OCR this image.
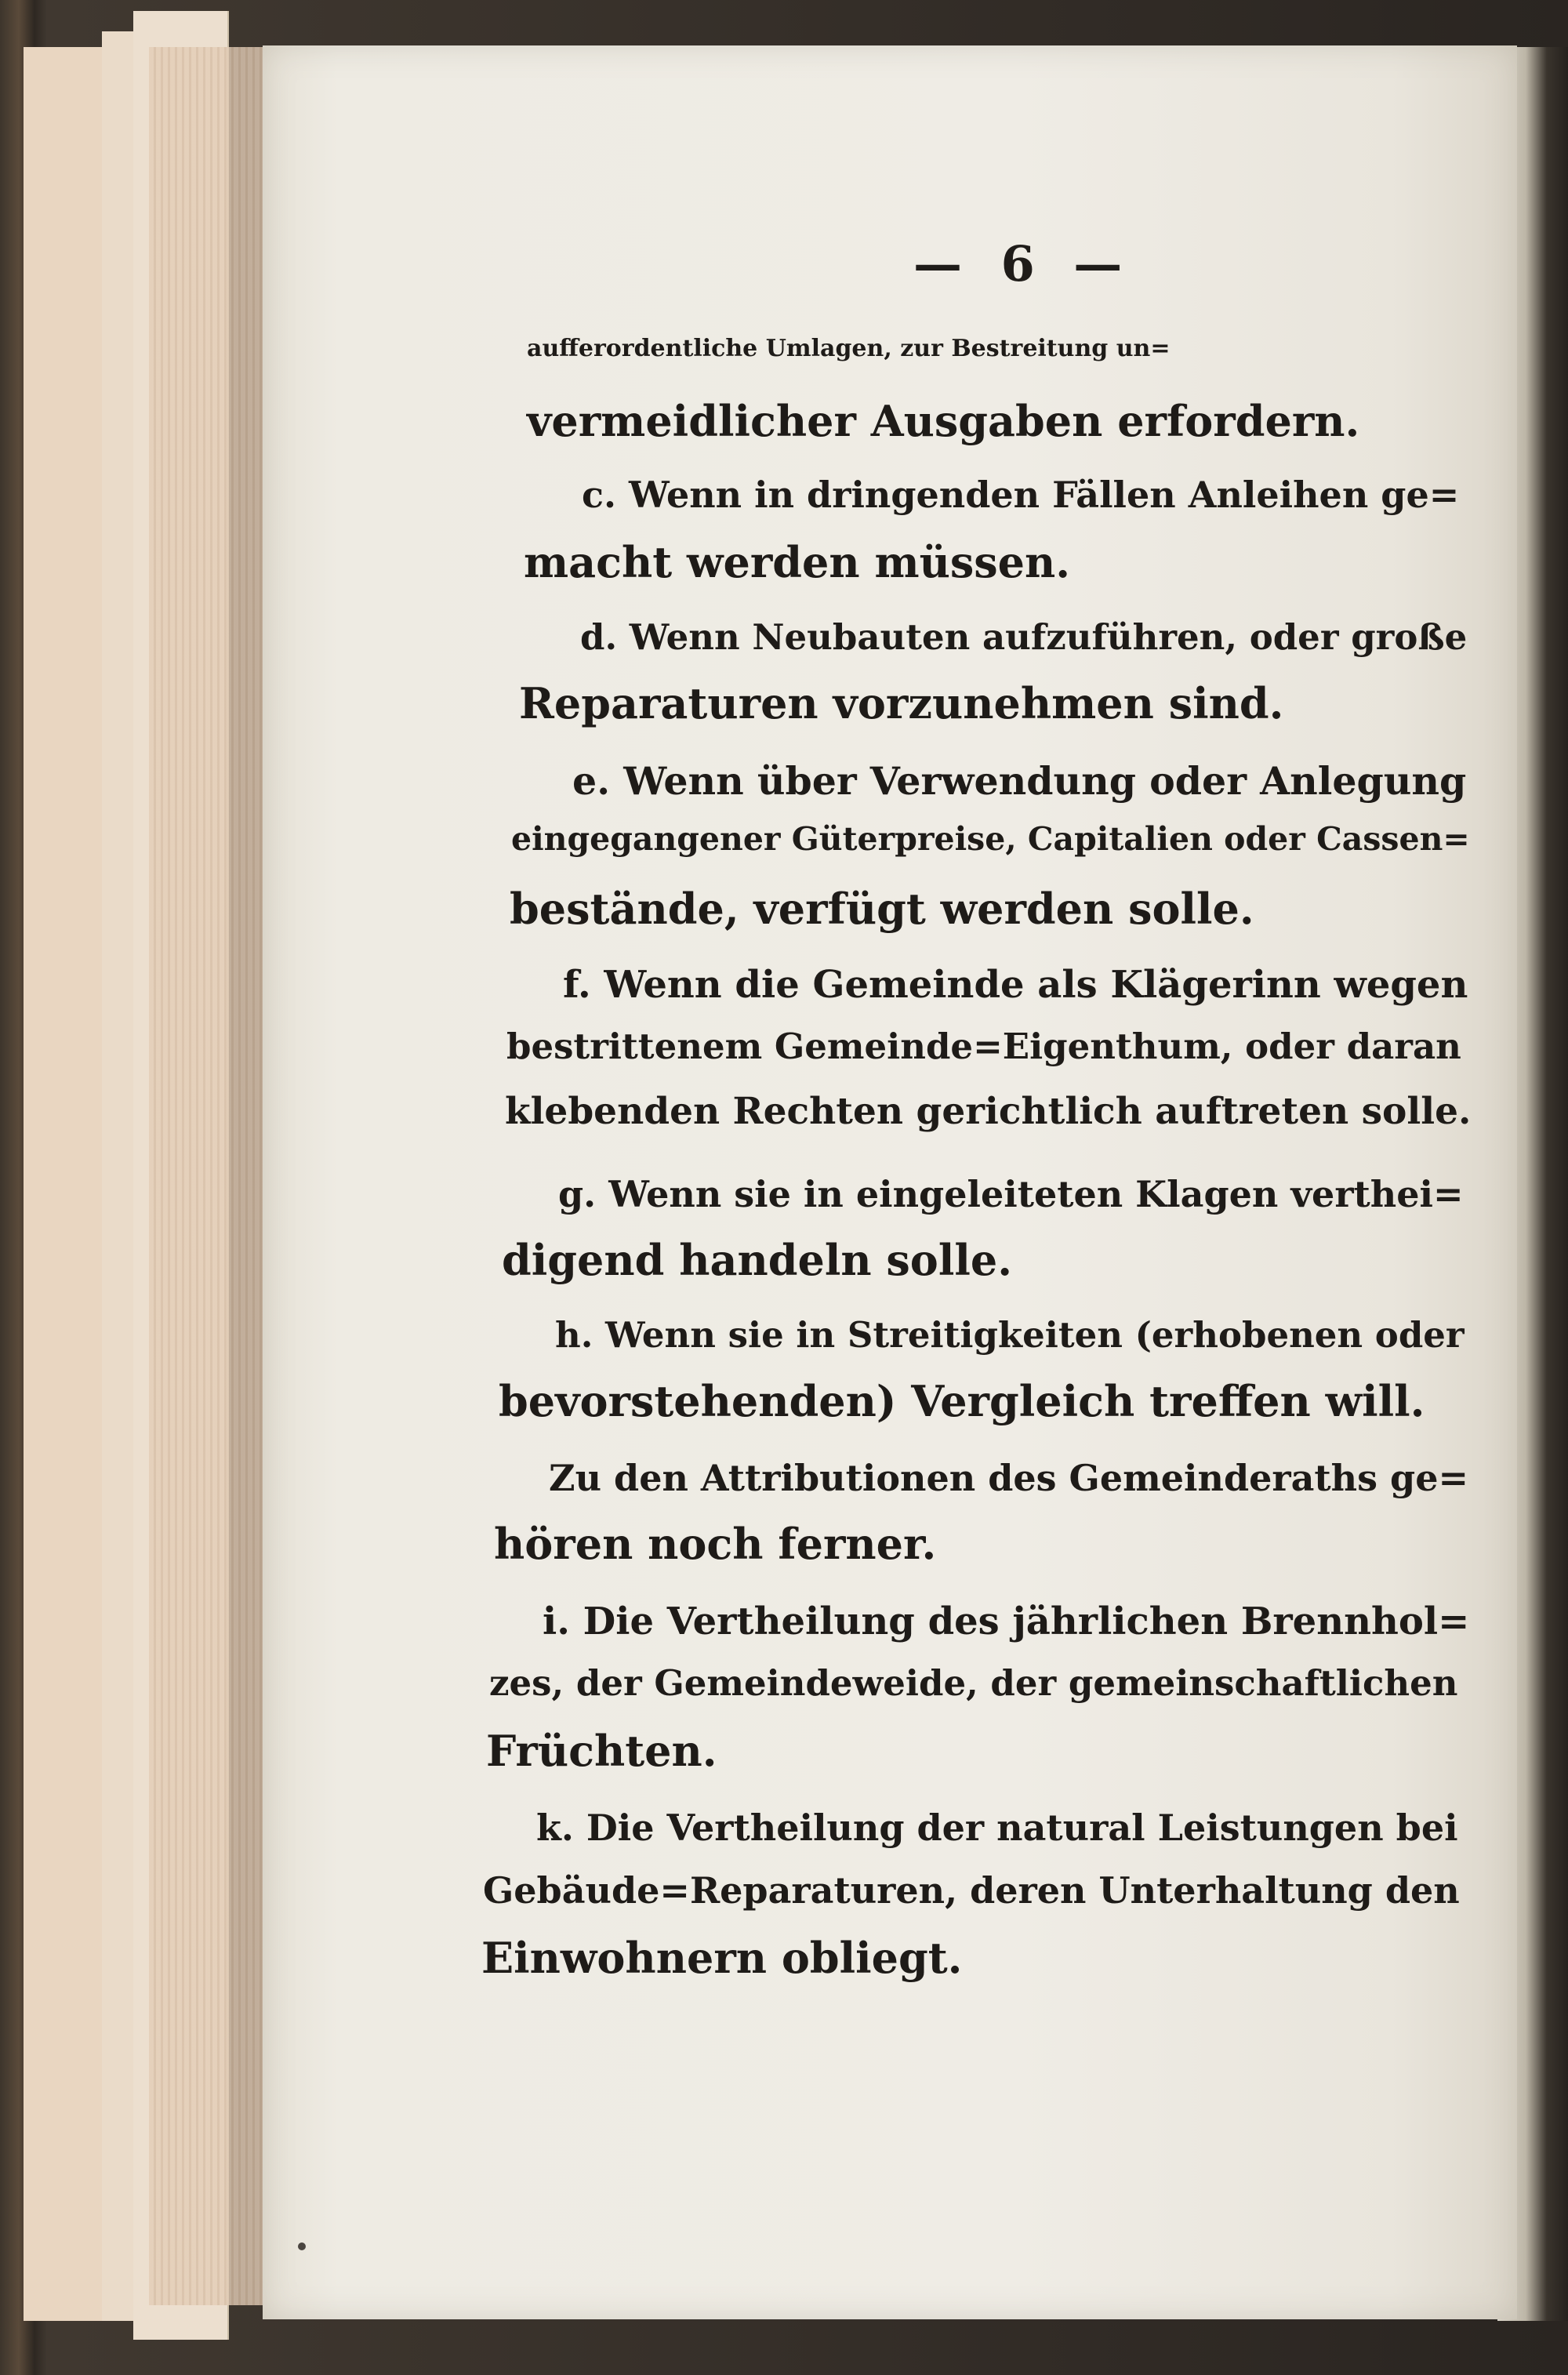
— 6 —
aufferordentliche Umlagen, zur Bestreitung un=
vermeidlicher Ausgaben erfordern.
c. Wenn in dringenden Fällen Anleihen ge=
macht werden müssen.
d. Wenn Neubauten aufzuführen, oder große
Reparaturen vorzunehmen sind.
e. Wenn über Verwendung oder Anlegung
eingegangener Güterpreise, Capitalien oder Cassen=
bestände, verfügt werden solle.
f. Wenn die Gemeinde als Klägerinn wegen
bestrittenem Gemeinde=Eigenthum, oder daran
klebenden Rechten gerichtlich auftreten solle.
g. Wenn sie in eingeleiteten Klagen verthei=
digend handeln solle.
h. Wenn sie in Streitigkeiten (erhobenen oder
bevorstehenden) Vergleich treffen will.
Zu den Attributionen des Gemeinderaths ge=
hören noch ferner.
i. Die Vertheilung des jährlichen Brennhol=
zes, der Gemeindeweide, der gemeinschaftlichen
Früchten.
k. Die Vertheilung der natural Leistungen bei
Gebäude=Reparaturen, deren Unterhaltung den
Einwohnern obliegt.
